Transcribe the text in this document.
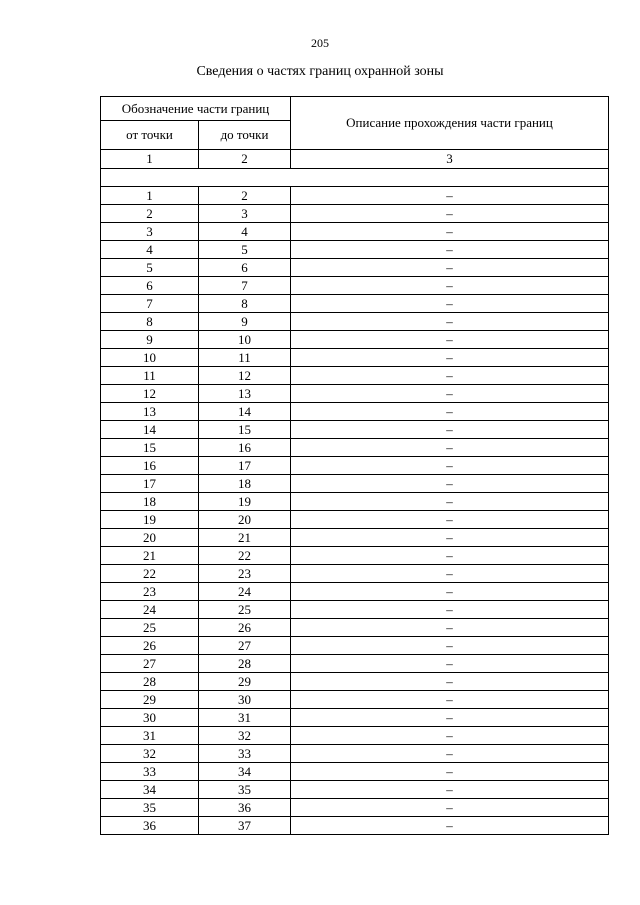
205
Сведения о частях границ охранной зоны
Обозначение части границ		Описание прохождения части границ
от точки	до точки	
1	2	3

1	2	–
2	3	–
3	4	–
4	5	–
5	6	–
6	7	–
7	8	–
8	9	–
9	10	–
10	11	–
11	12	–
12	13	–
13	14	–
14	15	–
15	16	–
16	17	–
17	18	–
18	19	–
19	20	–
20	21	–
21	22	–
22	23	–
23	24	–
24	25	–
25	26	–
26	27	–
27	28	–
28	29	–
29	30	–
30	31	–
31	32	–
32	33	–
33	34	–
34	35	–
35	36	–
36	37	–
